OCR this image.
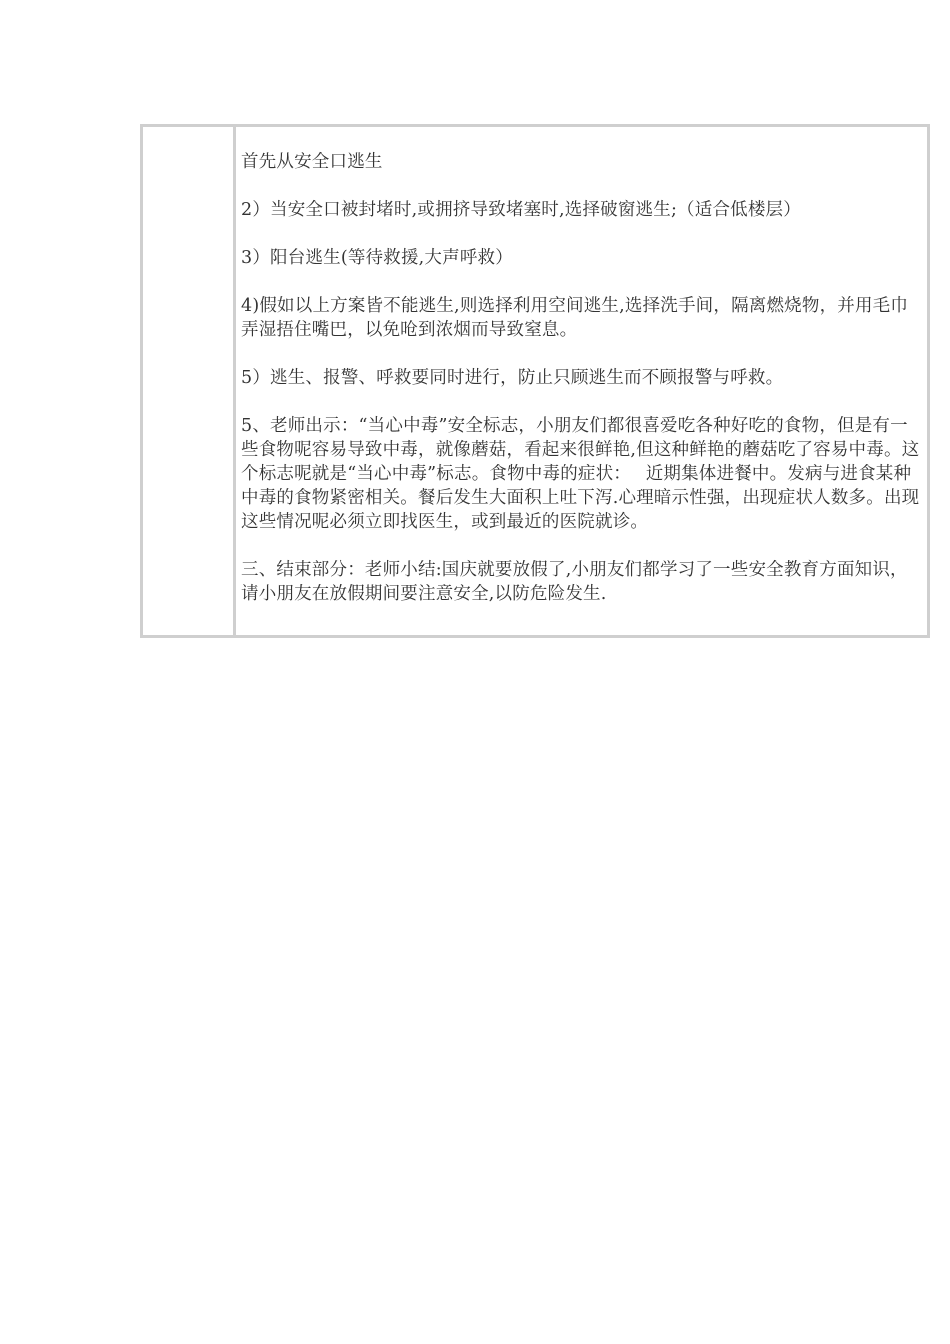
首先从安全口逃生

2）当安全口被封堵时,或拥挤导致堵塞时,选择破窗逃生;（适合低楼层）

3）阳台逃生(等待救援,大声呼救）

4)假如以上方案皆不能逃生,则选择利用空间逃生,选择洗手间，隔离燃烧物，并用毛巾弄湿捂住嘴巴，以免呛到浓烟而导致窒息。

5）逃生、报警、呼救要同时进行，防止只顾逃生而不顾报警与呼救。

5、老师出示：“当心中毒”安全标志，小朋友们都很喜爱吃各种好吃的食物，但是有一些食物呢容易导致中毒，就像蘑菇，看起来很鲜艳,但这种鲜艳的蘑菇吃了容易中毒。这个标志呢就是“当心中毒”标志。食物中毒的症状：　 近期集体进餐中。发病与进食某种中毒的食物紧密相关。餐后发生大面积上吐下泻.心理暗示性强，出现症状人数多。出现这些情况呢必须立即找医生，或到最近的医院就诊。

三、结束部分：老师小结:国庆就要放假了,小朋友们都学习了一些安全教育方面知识，请小朋友在放假期间要注意安全,以防危险发生.
